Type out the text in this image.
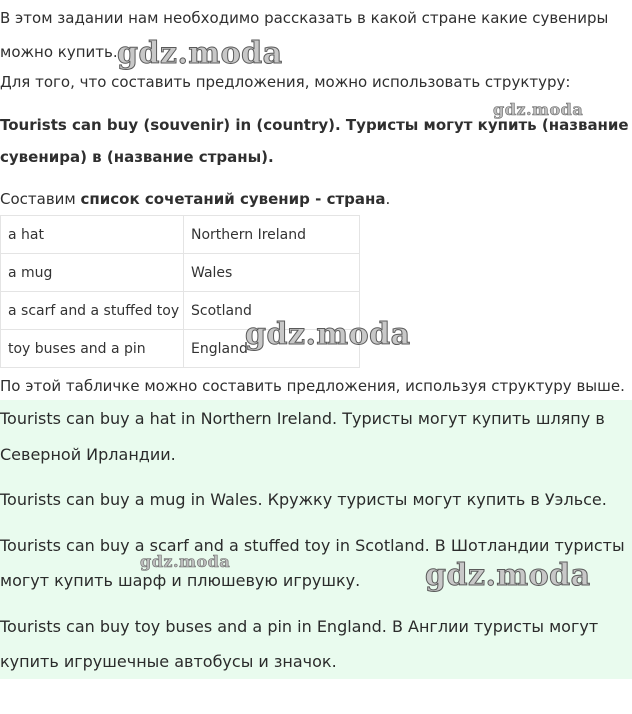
В этом задании нам необходимо рассказать в какой стране какие сувениры
можно купить.
Для того, что составить предложения, можно использовать структуру:
Tourists can buy (souvenir) in (country). Туристы могут купить (название
сувенира) в (название страны).
Составим список сочетаний сувенир - страна.
a hat	Northern Ireland
a mug	Wales
a scarf and a stuffed toy	Scotland
toy buses and a pin	England
По этой табличке можно составить предложения, используя структуру выше.
Tourists can buy a hat in Northern Ireland. Туристы могут купить шляпу в
Северной Ирландии.
Tourists can buy a mug in Wales. Кружку туристы могут купить в Уэльсе.
Tourists can buy a scarf and a stuffed toy in Scotland. В Шотландии туристы
могут купить шарф и плюшевую игрушку.
Tourists can buy toy buses and a pin in England. В Англии туристы могут
купить игрушечные автобусы и значок.
gdz.moda
gdz.moda
gdz.moda
gdz.moda	gdz.moda
